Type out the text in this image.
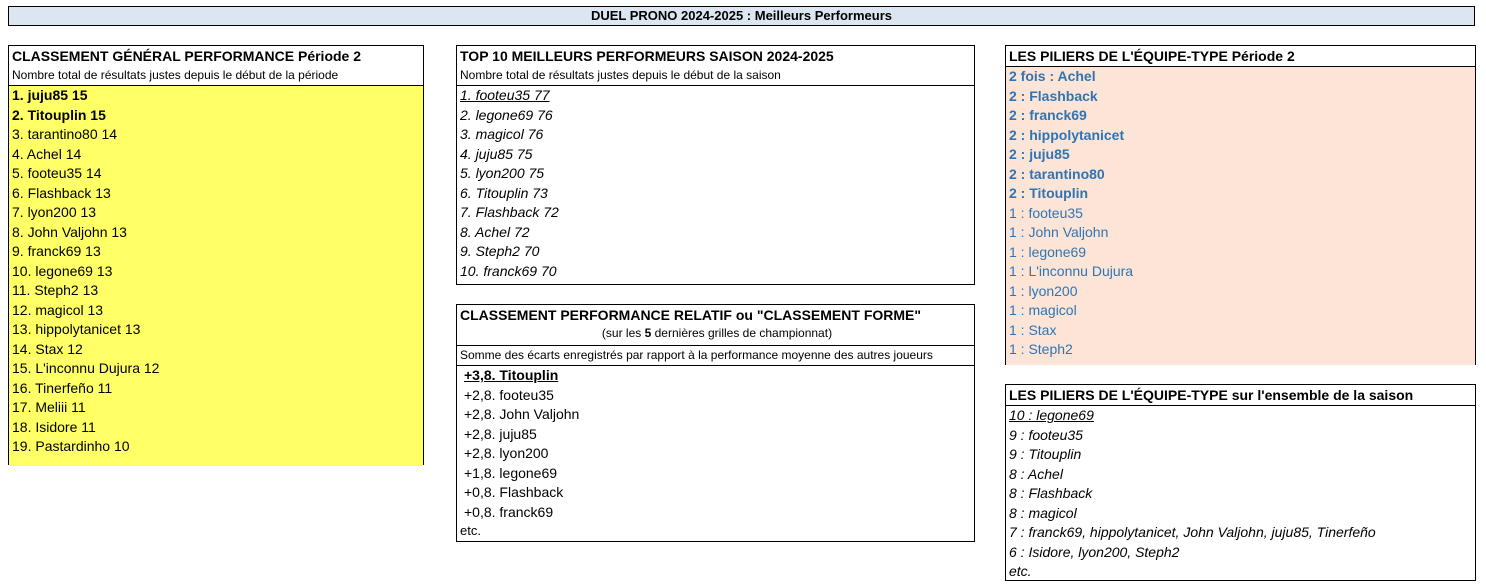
DUEL PRONO 2024-2025 : Meilleurs Performeurs
CLASSEMENT GÉNÉRAL PERFORMANCE Période 2
Nombre total de résultats justes depuis le début de la période
1. juju85 15
2. Titouplin 15
3. tarantino80 14
4. Achel 14
5. footeu35 14
6. Flashback 13
7. lyon200 13
8. John Valjohn 13
9. franck69 13
10. legone69 13
11. Steph2 13
12. magicol 13
13. hippolytanicet 13
14. Stax 12
15. L'inconnu Dujura 12
16. Tinerfeño 11
17. Meliii 11
18. Isidore 11
19. Pastardinho 10
TOP 10 MEILLEURS PERFORMEURS SAISON 2024-2025
Nombre total de résultats justes depuis le début de la saison
1. footeu35 77
2. legone69 76
3. magicol 76
4. juju85 75
5. lyon200 75
6. Titouplin 73
7. Flashback 72
8. Achel 72
9. Steph2 70
10. franck69 70
CLASSEMENT PERFORMANCE RELATIF ou "CLASSEMENT FORME"
(sur les 5 dernières grilles de championnat)
Somme des écarts enregistrés par rapport à la performance moyenne des autres joueurs
+3,8. Titouplin
+2,8. footeu35
+2,8. John Valjohn
+2,8. juju85
+2,8. lyon200
+1,8. legone69
+0,8. Flashback
+0,8. franck69
etc.
LES PILIERS DE L'ÉQUIPE-TYPE Période 2
2 fois : Achel
2 : Flashback
2 : franck69
2 : hippolytanicet
2 : juju85
2 : tarantino80
2 : Titouplin
1 : footeu35
1 : John Valjohn
1 : legone69
1 : L'inconnu Dujura
1 : lyon200
1 : magicol
1 : Stax
1 : Steph2
LES PILIERS DE L'ÉQUIPE-TYPE sur l'ensemble de la saison
10 : legone69
9 : footeu35
9 : Titouplin
8 : Achel
8 : Flashback
8 : magicol
7 : franck69, hippolytanicet, John Valjohn, juju85, Tinerfeño
6 : Isidore, lyon200, Steph2
etc.
